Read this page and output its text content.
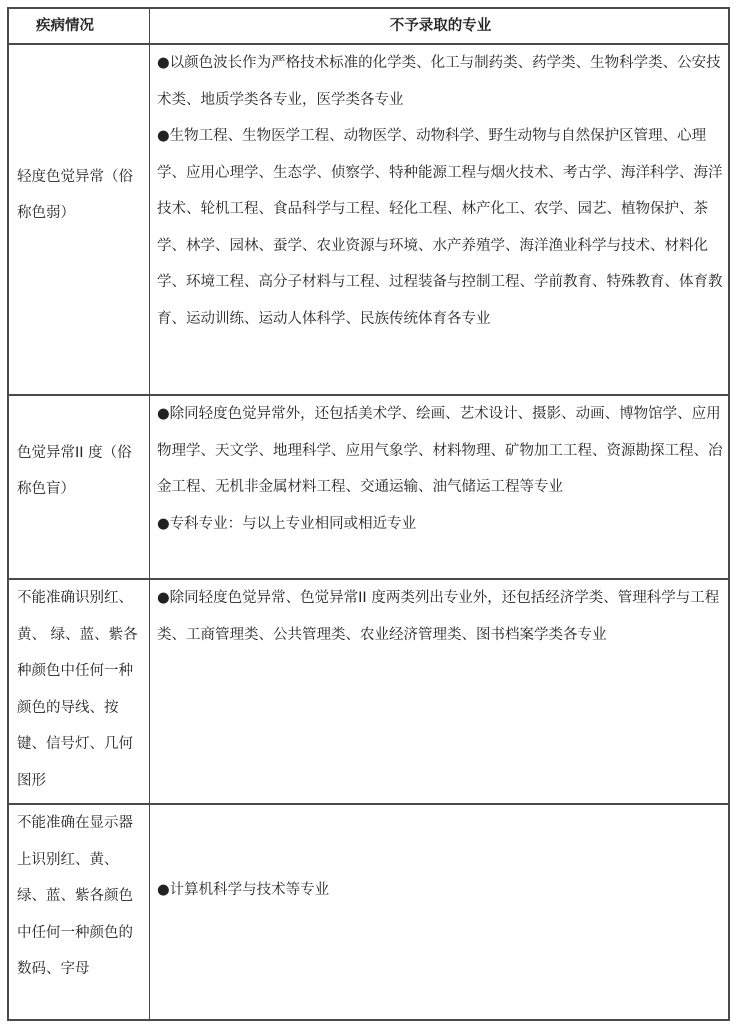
疾病情况	不予录取的专业

轻度色觉异常（俗称色弱）

●以颜色波长作为严格技术标准的化学类、化工与制药类、药学类、生物科学类、公安技术类、地质学类各专业，医学类各专业

●生物工程、生物医学工程、动物医学、动物科学、野生动物与自然保护区管理、心理学、应用心理学、生态学、侦察学、特种能源工程与烟火技术、考古学、海洋科学、海洋技术、轮机工程、食品科学与工程、轻化工程、林产化工、农学、园艺、植物保护、茶学、林学、园林、蚕学、农业资源与环境、水产养殖学、海洋渔业科学与技术、材料化学、环境工程、高分子材料与工程、过程装备与控制工程、学前教育、特殊教育、体育教育、运动训练、运动人体科学、民族传统体育各专业

色觉异常II 度（俗称色盲）

●除同轻度色觉异常外，还包括美术学、绘画、艺术设计、摄影、动画、博物馆学、应用物理学、天文学、地理科学、应用气象学、材料物理、矿物加工工程、资源勘探工程、冶金工程、无机非金属材料工程、交通运输、油气储运工程等专业

●专科专业：与以上专业相同或相近专业

不能准确识别红、黄、 绿、蓝、紫各种颜色中任何一种颜色的导线、按键、信号灯、几何图形

●除同轻度色觉异常、色觉异常II 度两类列出专业外，还包括经济学类、管理科学与工程类、工商管理类、公共管理类、农业经济管理类、图书档案学类各专业

不能准确在显示器上识别红、黄、绿、蓝、紫各颜色中任何一种颜色的数码、字母

●计算机科学与技术等专业
